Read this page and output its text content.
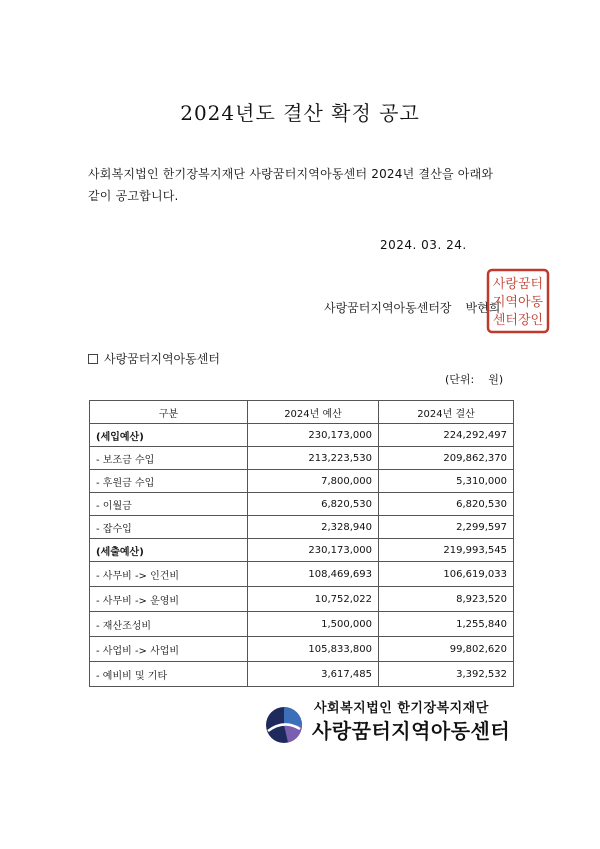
2024년도 결산 확정 공고
사회복지법인 한기장복지재단 사랑꿈터지역아동센터 2024년 결산을 아래와
같이 공고합니다.
2024. 03. 24.
사랑꿈터지역아동센터장 박현희
사랑꿈터
지역아동
센터장인
사랑꿈터지역아동센터
(단위: 원)
구분	2024년 예산	2024년 결산
(세입예산)	230,173,000	224,292,497
- 보조금 수입	213,223,530	209,862,370
- 후원금 수입	7,800,000	5,310,000
- 이월금	6,820,530	6,820,530
- 잡수입	2,328,940	2,299,597
(세출예산)	230,173,000	219,993,545
- 사무비 -> 인건비	108,469,693	106,619,033
- 사무비 -> 운영비	10,752,022	8,923,520
- 재산조성비	1,500,000	1,255,840
- 사업비 -> 사업비	105,833,800	99,802,620
- 예비비 및 기타	3,617,485	3,392,532
사회복지법인 한기장복지재단
사랑꿈터지역아동센터
